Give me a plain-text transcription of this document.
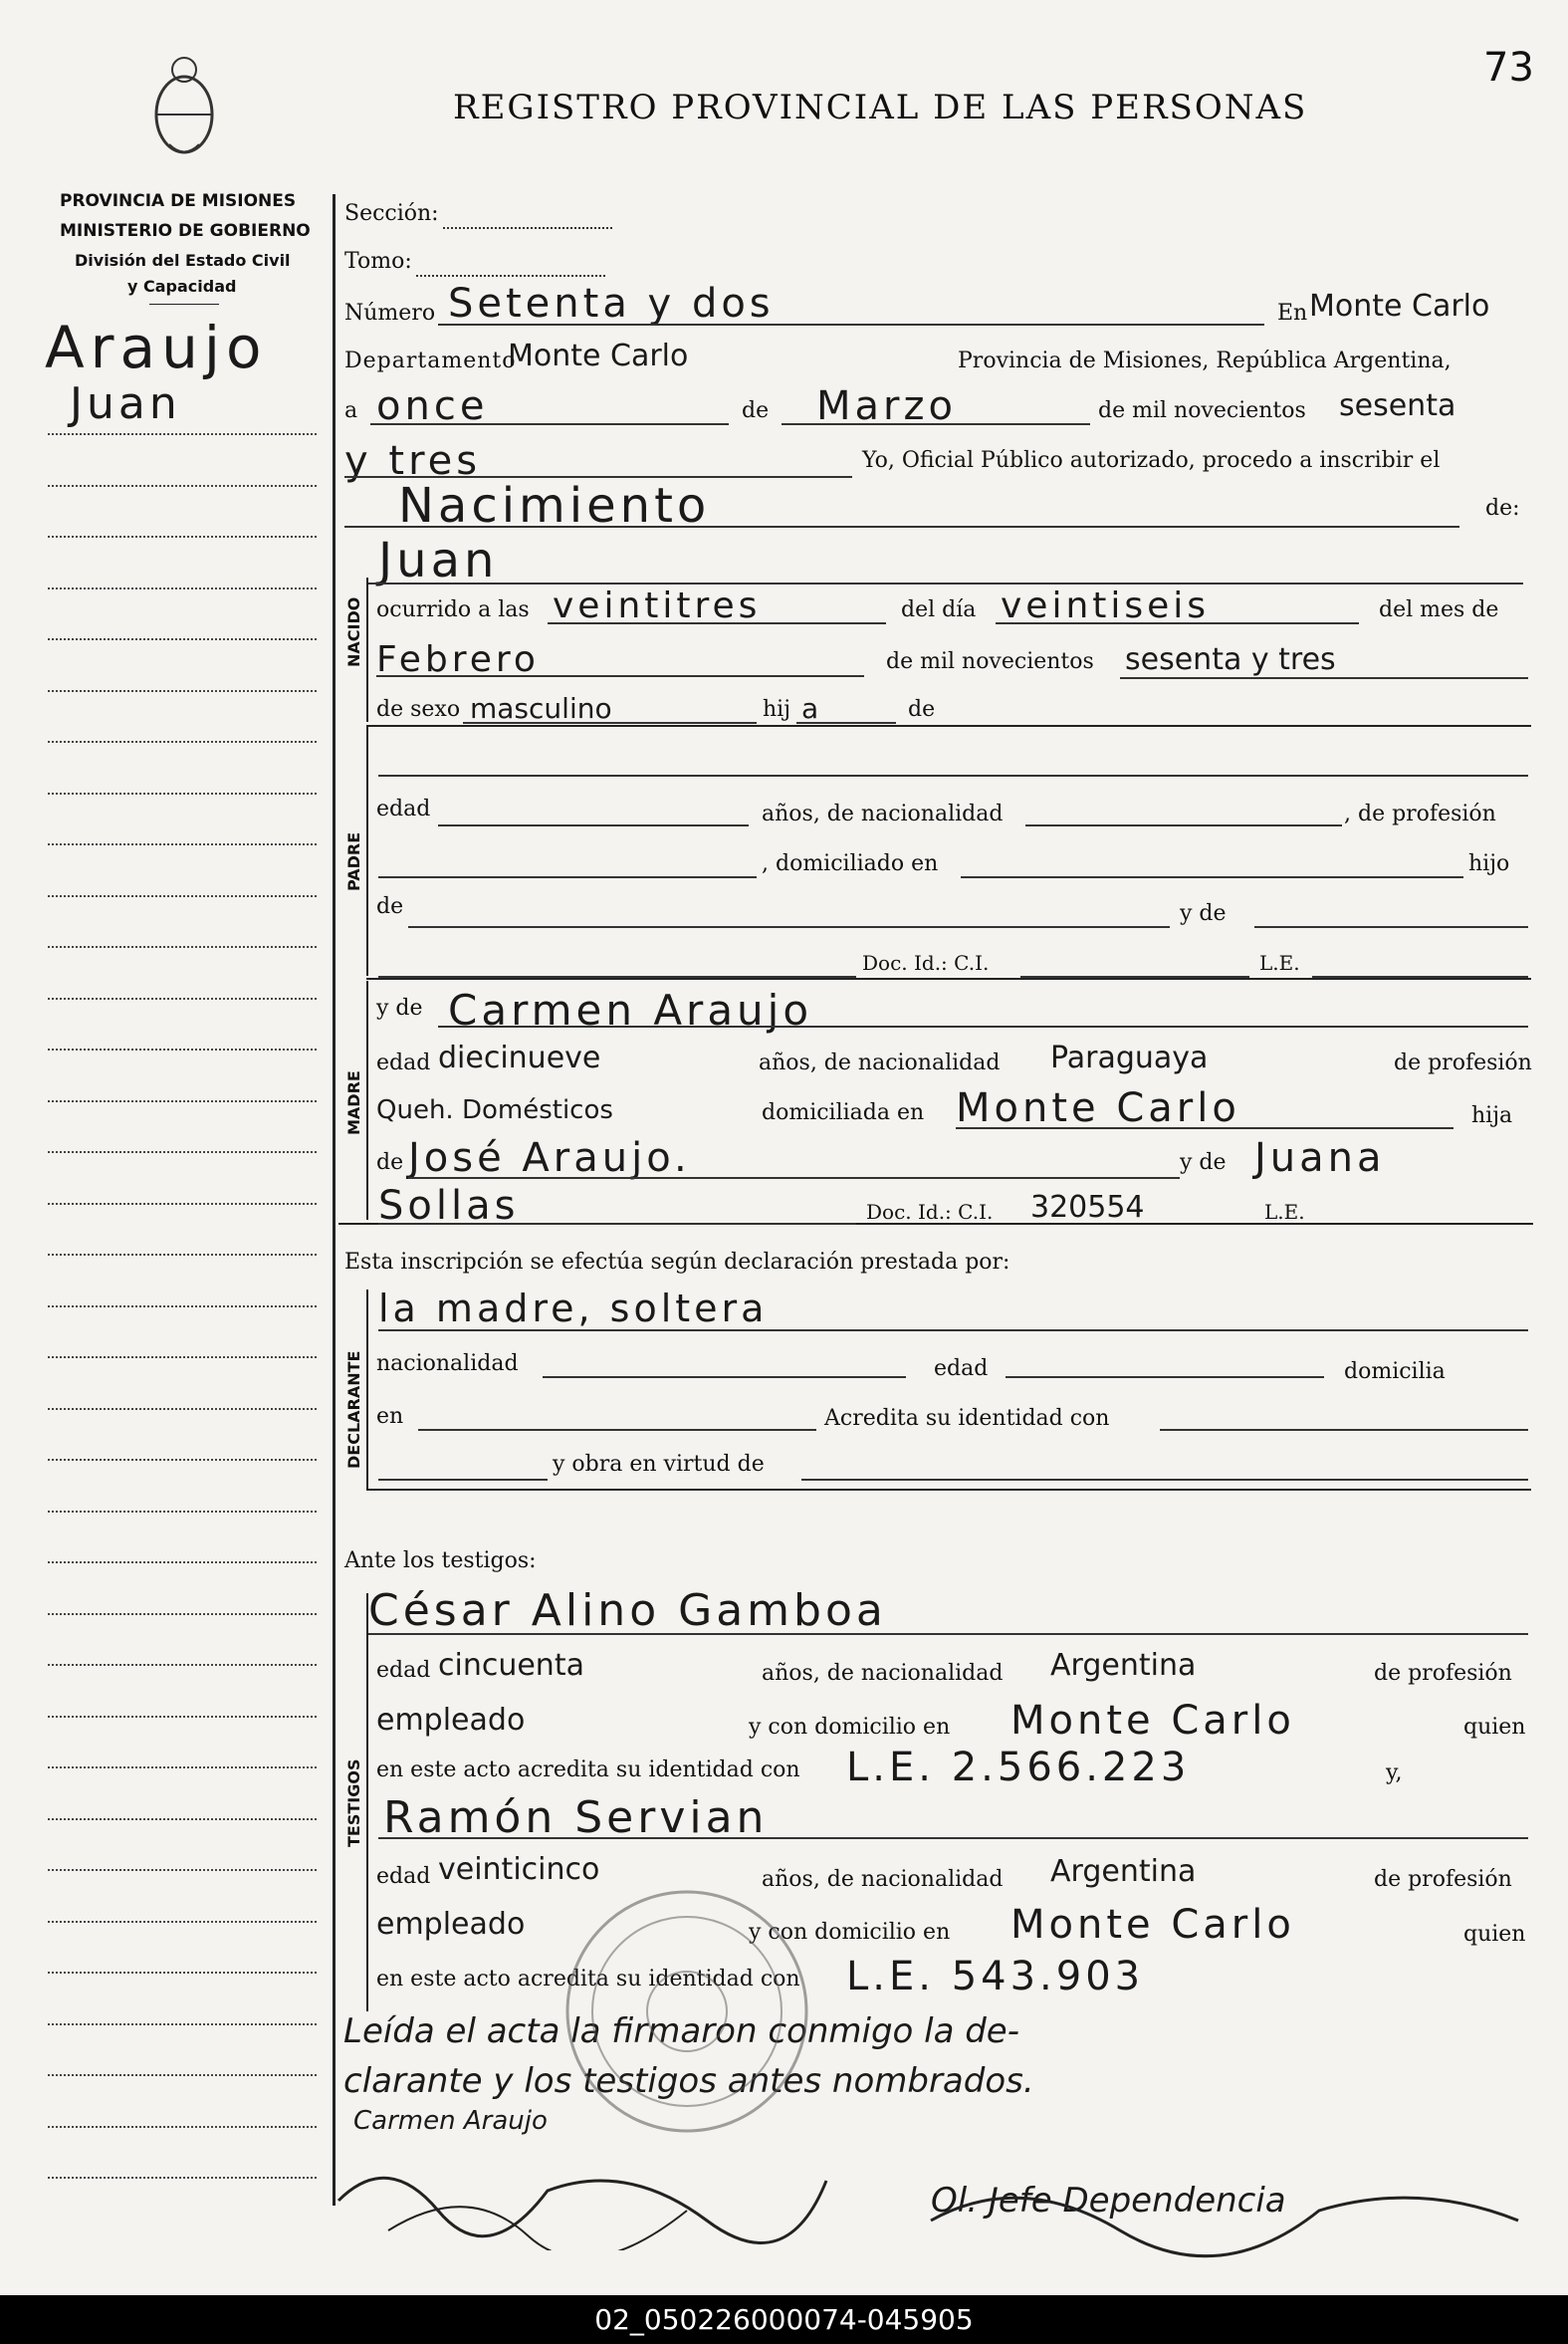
REGISTRO PROVINCIAL DE LAS PERSONAS
73
PROVINCIA DE MISIONES
MINISTERIO DE GOBIERNO
División del Estado Civil
y Capacidad
Araujo
Juan
NACIDO
PADRE
MADRE
DECLARANTE
TESTIGOS
Sección:
Tomo:
Número Setenta y dos	En Monte Carlo
Departamento
Monte Carlo	Provincia de Misiones, República Argentina,
a once	de Marzo	de mil novecientos sesenta
y tres	Yo, Oficial Público autorizado, procedo a inscribir el
Nacimiento	de:
Juan
ocurrido a las veintitres	del día veintiseis	del mes de
Febrero	de mil novecientos sesenta y tres
de sexo masculino	hij a	de
edad	años, de nacionalidad	, de profesión
, domiciliado en	hijo
de	y de
Doc. Id.: C.I.	L.E.
y de Carmen Araujo
edad diecinueve	años, de nacionalidad Paraguaya	de profesión
Queh. Domésticos	domiciliada en Monte Carlo	hija
de José Araujo.	y de Juana
Sollas	Doc. Id.: C.I. 320554	L.E.
Esta inscripción se efectúa según declaración prestada por:
la madre, soltera
nacionalidad	edad	domicilia
en	Acredita su identidad con
y obra en virtud de
Ante los testigos:
César Alino Gamboa
edad cincuenta	años, de nacionalidad Argentina	de profesión
empleado	y con domicilio en Monte Carlo	quien
en este acto acredita su identidad con L.E. 2.566.223	y,
Ramón Servian
edad veinticinco	años, de nacionalidad Argentina	de profesión
empleado	y con domicilio en Monte Carlo	quien
en este acto acredita su identidad con L.E. 543.903
Leída el acta la firmaron conmigo la de-
clarante y los testigos antes nombrados.
Carmen Araujo
Ol. Jefe Dependencia
02_050226000074-045905
